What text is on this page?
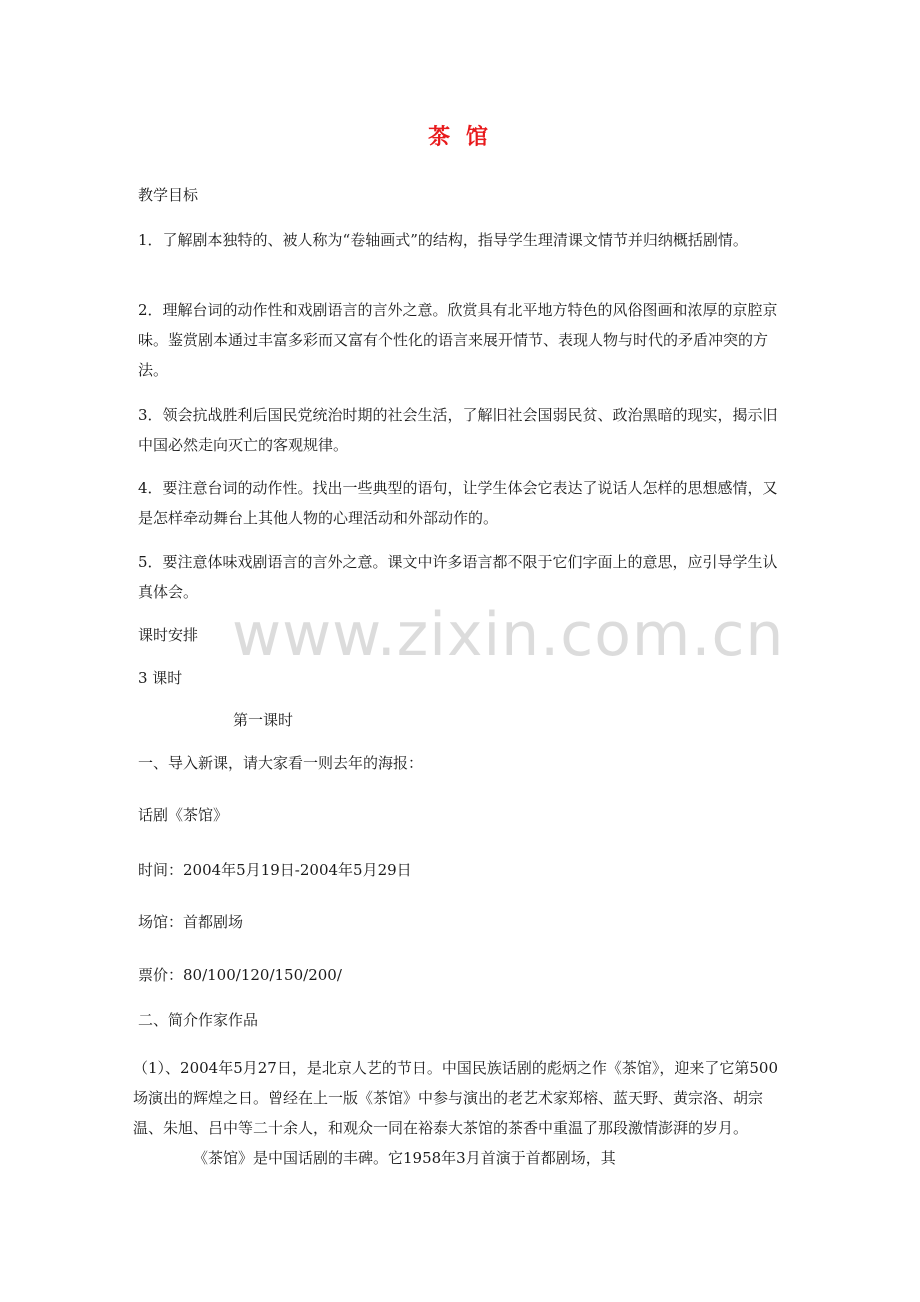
茶 馆

教学目标

1．了解剧本独特的、被人称为“卷轴画式”的结构，指导学生理清课文情节并归纳概括剧情。

2．理解台词的动作性和戏剧语言的言外之意。欣赏具有北平地方特色的风俗图画和浓厚的京腔京味。鉴赏剧本通过丰富多彩而又富有个性化的语言来展开情节、表现人物与时代的矛盾冲突的方法。

3．领会抗战胜利后国民党统治时期的社会生活，了解旧社会国弱民贫、政治黑暗的现实，揭示旧中国必然走向灭亡的客观规律。

4．要注意台词的动作性。找出一些典型的语句，让学生体会它表达了说话人怎样的思想感情，又是怎样牵动舞台上其他人物的心理活动和外部动作的。

5．要注意体味戏剧语言的言外之意。课文中许多语言都不限于它们字面上的意思，应引导学生认真体会。

www.zixin.com.cn

课时安排

3 课时

第一课时

一、导入新课，请大家看一则去年的海报：

话剧《茶馆》

时间：2004年5月19日-2004年5月29日

场馆：首都剧场

票价：80/100/120/150/200/

二、简介作家作品

（1）、2004年5月27日，是北京人艺的节日。中国民族话剧的彪炳之作《茶馆》，迎来了它第500场演出的辉煌之日。曾经在上一版《茶馆》中参与演出的老艺术家郑榕、蓝天野、黄宗洛、胡宗温、朱旭、吕中等二十余人，和观众一同在裕泰大茶馆的茶香中重温了那段激情澎湃的岁月。《茶馆》是中国话剧的丰碑。它1958年3月首演于首都剧场，其
